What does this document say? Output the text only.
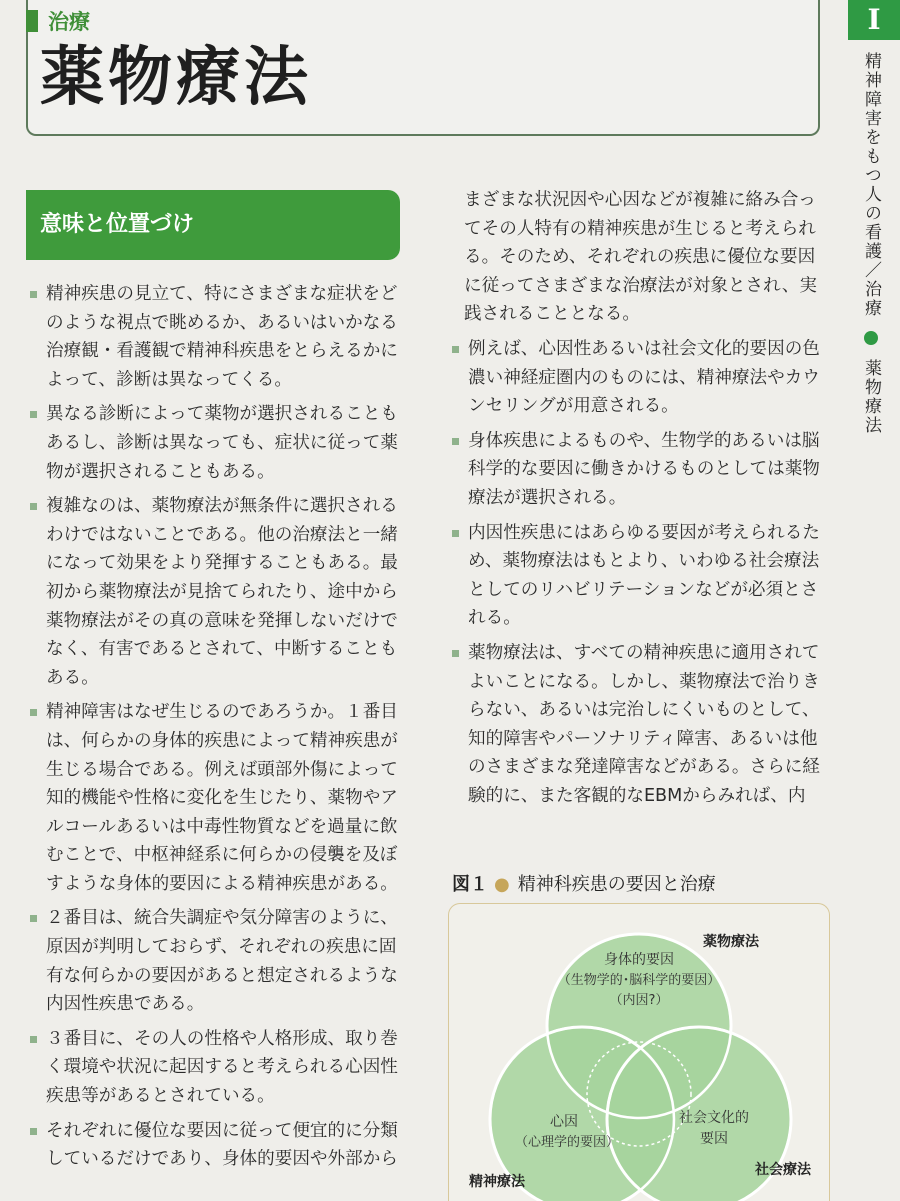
治療
薬物療法
I
精神障害をもつ人の看護／治療  薬物療法
意味と位置づけ

精神疾患の見立て、特にさまざまな症状をどのような視点で眺めるか、あるいはいかなる治療観・看護観で精神科疾患をとらえるかによって、診断は異なってくる。

異なる診断によって薬物が選択されることもあるし、診断は異なっても、症状に従って薬物が選択されることもある。

複雑なのは、薬物療法が無条件に選択されるわけではないことである。他の治療法と一緒になって効果をより発揮することもある。最初から薬物療法が見捨てられたり、途中から薬物療法がその真の意味を発揮しないだけでなく、有害であるとされて、中断することもある。

精神障害はなぜ生じるのであろうか。１番目は、何らかの身体的疾患によって精神疾患が生じる場合である。例えば頭部外傷によって知的機能や性格に変化を生じたり、薬物やアルコールあるいは中毒性物質などを過量に飲むことで、中枢神経系に何らかの侵襲を及ぼすような身体的要因による精神疾患がある。

２番目は、統合失調症や気分障害のように、原因が判明しておらず、それぞれの疾患に固有な何らかの要因があると想定されるような内因性疾患である。

３番目に、その人の性格や人格形成、取り巻く環境や状況に起因すると考えられる心因性疾患等があるとされている。

それぞれに優位な要因に従って便宜的に分類しているだけであり、身体的要因や外部から

まざまな状況因や心因などが複雑に絡み合ってその人特有の精神疾患が生じると考えられる。そのため、それぞれの疾患に優位な要因に従ってさまざまな治療法が対象とされ、実践されることとなる。

例えば、心因性あるいは社会文化的要因の色濃い神経症圏内のものには、精神療法やカウンセリングが用意される。

身体疾患によるものや、生物学的あるいは脳科学的な要因に働きかけるものとしては薬物療法が選択される。

内因性疾患にはあらゆる要因が考えられるため、薬物療法はもとより、いわゆる社会療法としてのリハビリテーションなどが必須とされる。

薬物療法は、すべての精神疾患に適用されてよいことになる。しかし、薬物療法で治りきらない、あるいは完治しにくいものとして、知的障害やパーソナリティ障害、あるいは他のさまざまな発達障害などがある。さらに経験的に、また客観的なEBMからみれば、内

図１ ● 精神科疾患の要因と治療
身体的要因
（生物学的･脳科学的要因）
（内因?）
心因
（心理学的要因）
社会文化的
要因
薬物療法
精神療法
社会療法
